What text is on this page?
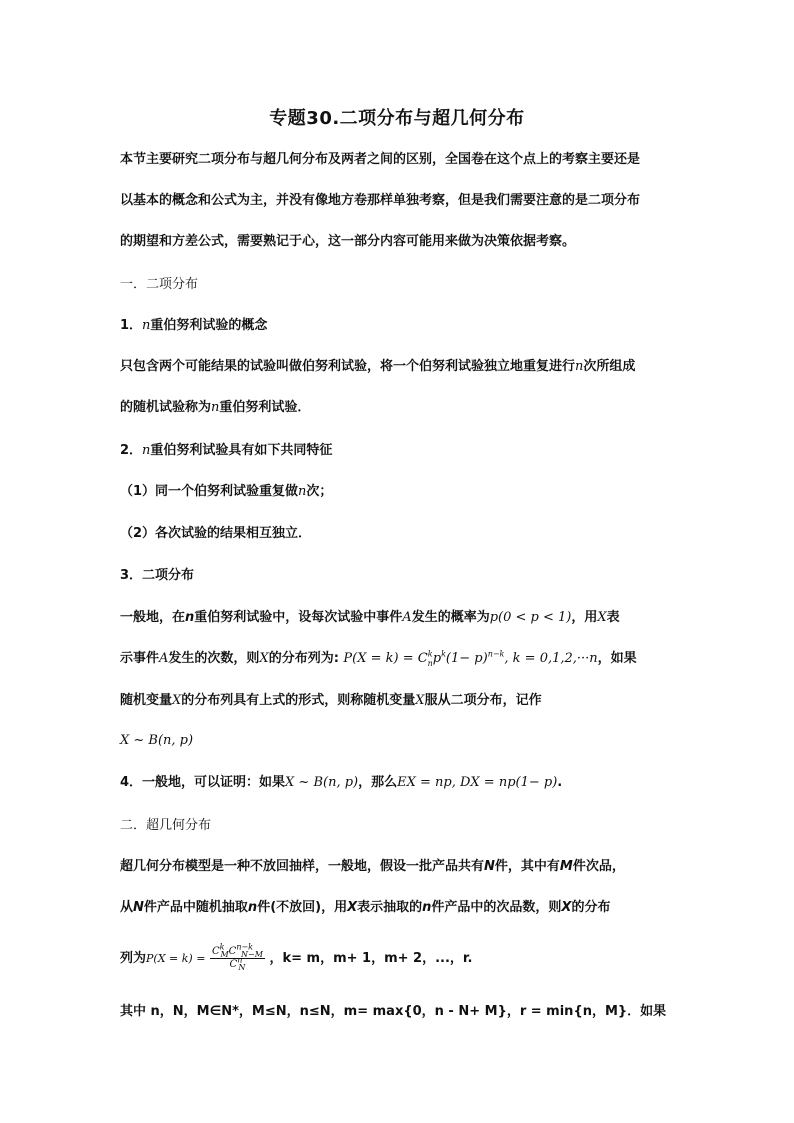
专题30.二项分布与超几何分布
本节主要研究二项分布与超几何分布及两者之间的区别，全国卷在这个点上的考察主要还是
以基本的概念和公式为主，并没有像地方卷那样单独考察，但是我们需要注意的是二项分布
的期望和方差公式，需要熟记于心，这一部分内容可能用来做为决策依据考察。
一．二项分布
1．n重伯努利试验的概念
只包含两个可能结果的试验叫做伯努利试验，将一个伯努利试验独立地重复进行n次所组成
的随机试验称为n重伯努利试验．
2．n重伯努利试验具有如下共同特征
（1）同一个伯努利试验重复做n次；
（2）各次试验的结果相互独立．
3．二项分布
一般地，在n重伯努利试验中，设每次试验中事件A发生的概率为p(0 < p < 1)，用X表
示事件A发生的次数，则X的分布列为: $P(X = k) = C^k_np^k(1- p)^{n-k}$, k = 0,1,2,···n，如果
随机变量X的分布列具有上式的形式，则称随机变量X服从二项分布，记作
X ~ B(n, p)
4．一般地，可以证明：如果X ~ B(n, p)，那么EX = np, DX = np(1− p).
二．超几何分布
超几何分布模型是一种不放回抽样，一般地，假设一批产品共有N件，其中有M件次品，
从N件产品中随机抽取n件(不放回)，用X表示抽取的n件产品中的次品数，则X的分布
列为$P(X = k) = \frac{C^k_MC^{n-k}_{N-M}}{C^n_N}$ ，k= m，m+ 1，m+ 2，...，r.
其中 n，N，M∈N*，M≤N，n≤N，m= max{0，n - N+ M}，r = min{n，M}．如果
